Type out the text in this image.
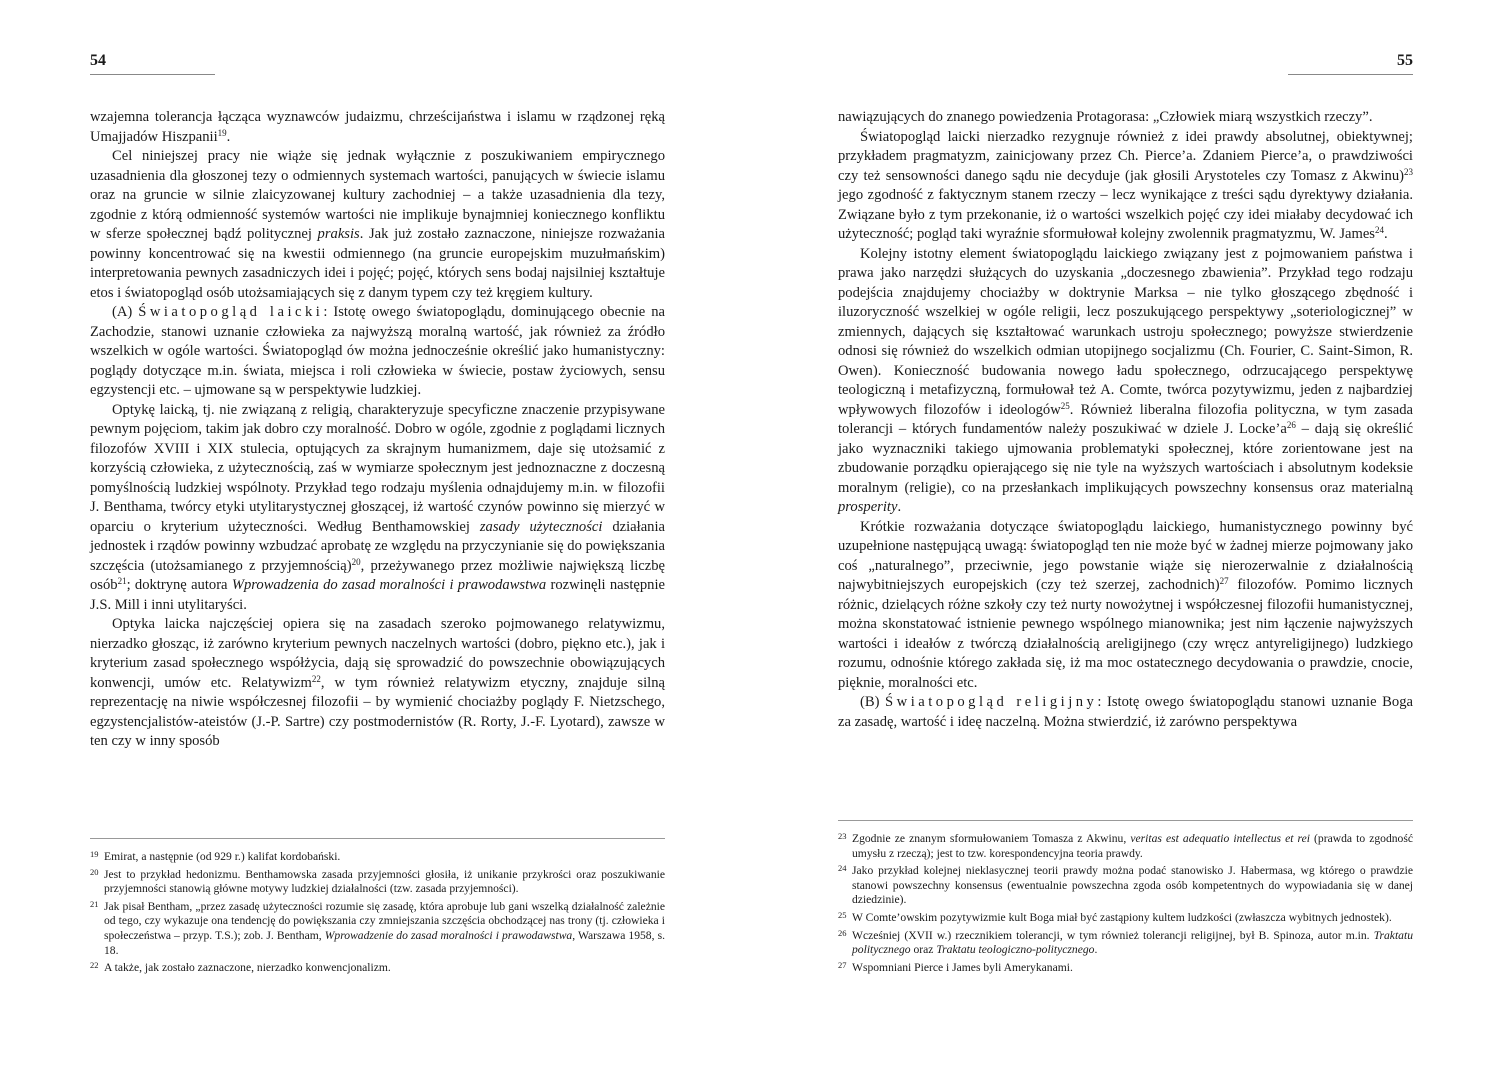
54

wzajemna tolerancja łącząca wyznawców judaizmu, chrześcijaństwa i islamu w rządzonej ręką Umajjadów Hiszpanii$^{19}$.

Cel niniejszej pracy nie wiąże się jednak wyłącznie z poszukiwaniem empirycznego uzasadnienia dla głoszonej tezy o odmiennych systemach wartości, panujących w świecie islamu oraz na gruncie w silnie zlaicyzowanej kultury zachodniej – a także uzasadnienia dla tezy, zgodnie z którą odmienność systemów wartości nie implikuje bynajmniej koniecznego konfliktu w sferze społecznej bądź politycznej praksis. Jak już zostało zaznaczone, niniejsze rozważania powinny koncentrować się na kwestii odmiennego (na gruncie europejskim muzułmańskim) interpretowania pewnych zasadniczych idei i pojęć; pojęć, których sens bodaj najsilniej kształtuje etos i światopogląd osób utożsamiających się z danym typem czy też kręgiem kultury.

(A) Światopogląd laicki: Istotę owego światopoglądu, dominującego obecnie na Zachodzie, stanowi uznanie człowieka za najwyższą moralną wartość, jak również za źródło wszelkich w ogóle wartości. Światopogląd ów można jednocześnie określić jako humanistyczny: poglądy dotyczące m.in. świata, miejsca i roli człowieka w świecie, postaw życiowych, sensu egzystencji etc. – ujmowane są w perspektywie ludzkiej.

Optykę laicką, tj. nie związaną z religią, charakteryzuje specyficzne znaczenie przypisywane pewnym pojęciom, takim jak dobro czy moralność. Dobro w ogóle, zgodnie z poglądami licznych filozofów XVIII i XIX stulecia, optujących za skrajnym humanizmem, daje się utożsamić z korzyścią człowieka, z użytecznością, zaś w wymiarze społecznym jest jednoznaczne z doczesną pomyślnością ludzkiej wspólnoty. Przykład tego rodzaju myślenia odnajdujemy m.in. w filozofii J. Benthama, twórcy etyki utylitarystycznej głoszącej, iż wartość czynów powinno się mierzyć w oparciu o kryterium użyteczności. Według Benthamowskiej zasady użyteczności działania jednostek i rządów powinny wzbudzać aprobatę ze względu na przyczynianie się do powiększania szczęścia (utożsamianego z przyjemnością)$^{20}$, przeżywanego przez możliwie największą liczbę osób$^{21}$; doktrynę autora Wprowadzenia do zasad moralności i prawodawstwa rozwinęli następnie J.S. Mill i inni utylitaryści.

Optyka laicka najczęściej opiera się na zasadach szeroko pojmowanego relatywizmu, nierzadko głosząc, iż zarówno kryterium pewnych naczelnych wartości (dobro, piękno etc.), jak i kryterium zasad społecznego współżycia, dają się sprowadzić do powszechnie obowiązujących konwencji, umów etc. Relatywizm$^{22}$, w tym również relatywizm etyczny, znajduje silną reprezentację na niwie współczesnej filozofii – by wymienić chociażby poglądy F. Nietzschego, egzystencjalistów-ateistów (J.-P. Sartre) czy postmodernistów (R. Rorty, J.-F. Lyotard), zawsze w ten czy w inny sposób

19 Emirat, a następnie (od 929 r.) kalifat kordobański.

20 Jest to przykład hedonizmu. Benthamowska zasada przyjemności głosiła, iż unikanie przykrości oraz poszukiwanie przyjemności stanowią główne motywy ludzkiej działalności (tzw. zasada przyjemności).

21 Jak pisał Bentham, „przez zasadę użyteczności rozumie się zasadę, która aprobuje lub gani wszelką działalność zależnie od tego, czy wykazuje ona tendencję do powiększania czy zmniejszania szczęścia obchodzącej nas trony (tj. człowieka i społeczeństwa – przyp. T.S.); zob. J. Bentham, Wprowadzenie do zasad moralności i prawodawstwa, Warszawa 1958, s. 18.

22 A także, jak zostało zaznaczone, nierzadko konwencjonalizm.

55

nawiązujących do znanego powiedzenia Protagorasa: „Człowiek miarą wszystkich rzeczy”.

Światopogląd laicki nierzadko rezygnuje również z idei prawdy absolutnej, obiektywnej; przykładem pragmatyzm, zainicjowany przez Ch. Pierce’a. Zdaniem Pierce’a, o prawdziwości czy też sensowności danego sądu nie decyduje (jak głosili Arystoteles czy Tomasz z Akwinu)$^{23}$ jego zgodność z faktycznym stanem rzeczy – lecz wynikające z treści sądu dyrektywy działania. Związane było z tym przekonanie, iż o wartości wszelkich pojęć czy idei miałaby decydować ich użyteczność; pogląd taki wyraźnie sformułował kolejny zwolennik pragmatyzmu, W. James$^{24}$.

Kolejny istotny element światopoglądu laickiego związany jest z pojmowaniem państwa i prawa jako narzędzi służących do uzyskania „doczesnego zbawienia”. Przykład tego rodzaju podejścia znajdujemy chociażby w doktrynie Marksa – nie tylko głoszącego zbędność i iluzoryczność wszelkiej w ogóle religii, lecz poszukującego perspektywy „soteriologicznej” w zmiennych, dających się kształtować warunkach ustroju społecznego; powyższe stwierdzenie odnosi się również do wszelkich odmian utopijnego socjalizmu (Ch. Fourier, C. Saint-Simon, R. Owen). Konieczność budowania nowego ładu społecznego, odrzucającego perspektywę teologiczną i metafizyczną, formułował też A. Comte, twórca pozytywizmu, jeden z najbardziej wpływowych filozofów i ideologów$^{25}$. Również liberalna filozofia polityczna, w tym zasada tolerancji – których fundamentów należy poszukiwać w dziele J. $Locke’a^{26}$ – dają się określić jako wyznaczniki takiego ujmowania problematyki społecznej, które zorientowane jest na zbudowanie porządku opierającego się nie tyle na wyższych wartościach i absolutnym kodeksie moralnym (religie), co na przesłankach implikujących powszechny konsensus oraz materialną prosperity.

Krótkie rozważania dotyczące światopoglądu laickiego, humanistycznego powinny być uzupełnione następującą uwagą: światopogląd ten nie może być w żadnej mierze pojmowany jako coś „naturalnego”, przeciwnie, jego powstanie wiąże się nierozerwalnie z działalnością najwybitniejszych europejskich (czy też szerzej, zachodnich)$^{27}$ filozofów. Pomimo licznych różnic, dzielących różne szkoły czy też nurty nowożytnej i współczesnej filozofii humanistycznej, można skonstatować istnienie pewnego wspólnego mianownika; jest nim łączenie najwyższych wartości i ideałów z twórczą działalnością areligijnego (czy wręcz antyreligijnego) ludzkiego rozumu, odnośnie którego zakłada się, iż ma moc ostatecznego decydowania o prawdzie, cnocie, pięknie, moralności etc.

(B) Światopogląd religijny: Istotę owego światopoglądu stanowi uznanie Boga za zasadę, wartość i ideę naczelną. Można stwierdzić, iż zarówno perspektywa

23 Zgodnie ze znanym sformułowaniem Tomasza z Akwinu, veritas est adequatio intellectus et rei (prawda to zgodność umysłu z rzeczą); jest to tzw. korespondencyjna teoria prawdy.

24 Jako przykład kolejnej nieklasycznej teorii prawdy można podać stanowisko J. Habermasa, wg którego o prawdzie stanowi powszechny konsensus (ewentualnie powszechna zgoda osób kompetentnych do wypowiadania się w danej dziedzinie).

25 W Comte’owskim pozytywizmie kult Boga miał być zastąpiony kultem ludzkości (zwłaszcza wybitnych jednostek).

26 Wcześniej (XVII w.) rzecznikiem tolerancji, w tym również tolerancji religijnej, był B. Spinoza, autor m.in. Traktatu politycznego oraz Traktatu teologiczno-politycznego.

27 Wspomniani Pierce i James byli Amerykanami.
